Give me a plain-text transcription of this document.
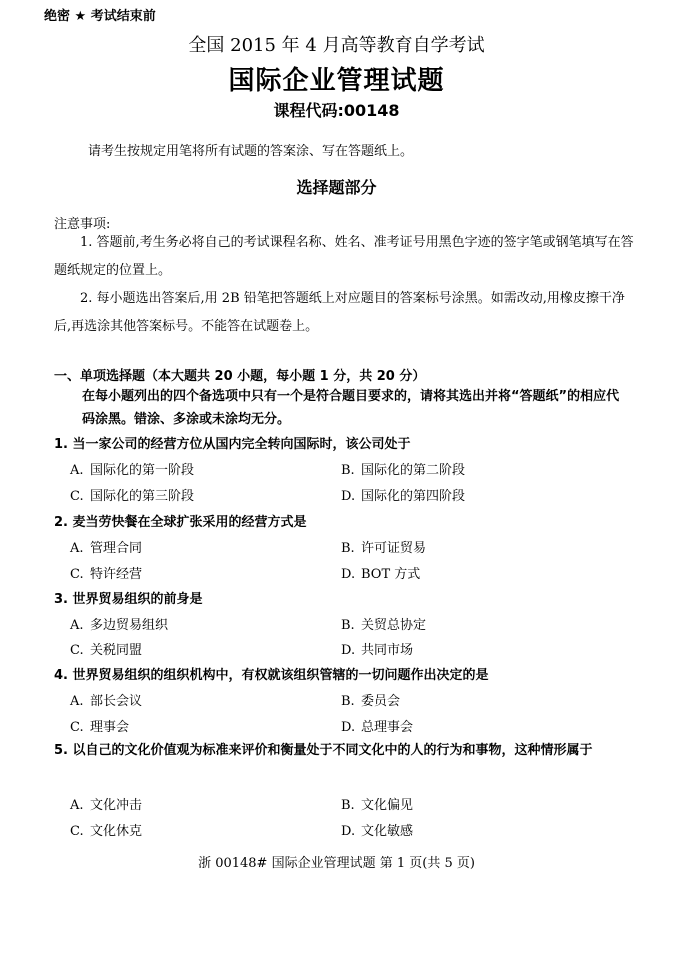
绝密 ★ 考试结束前
全国 2015 年 4 月高等教育自学考试
国际企业管理试题
课程代码:00148
请考生按规定用笔将所有试题的答案涂、写在答题纸上。
选择题部分
注意事项:
1. 答题前,考生务必将自己的考试课程名称、姓名、准考证号用黑色字迹的签字笔或钢笔填写在答题纸规定的位置上。
2. 每小题选出答案后,用 2B 铅笔把答题纸上对应题目的答案标号涂黑。如需改动,用橡皮擦干净后,再选涂其他答案标号。不能答在试题卷上。
一、单项选择题（本大题共 20 小题，每小题 1 分，共 20 分）
在每小题列出的四个备选项中只有一个是符合题目要求的，请将其选出并将“答题纸”的相应代码涂黑。错涂、多涂或未涂均无分。
1. 当一家公司的经营方位从国内完全转向国际时，该公司处于
A. 国际化的第一阶段	B. 国际化的第二阶段
C. 国际化的第三阶段	D. 国际化的第四阶段
2. 麦当劳快餐在全球扩张采用的经营方式是
A. 管理合同	B. 许可证贸易
C. 特许经营	D. BOT 方式
3. 世界贸易组织的前身是
A. 多边贸易组织	B. 关贸总协定
C. 关税同盟	D. 共同市场
4. 世界贸易组织的组织机构中，有权就该组织管辖的一切问题作出决定的是
A. 部长会议	B. 委员会
C. 理事会	D. 总理事会
5. 以自己的文化价值观为标准来评价和衡量处于不同文化中的人的行为和事物，这种情形属于
A. 文化冲击	B. 文化偏见
C. 文化休克	D. 文化敏感
浙 00148# 国际企业管理试题 第 1 页(共 5 页)
